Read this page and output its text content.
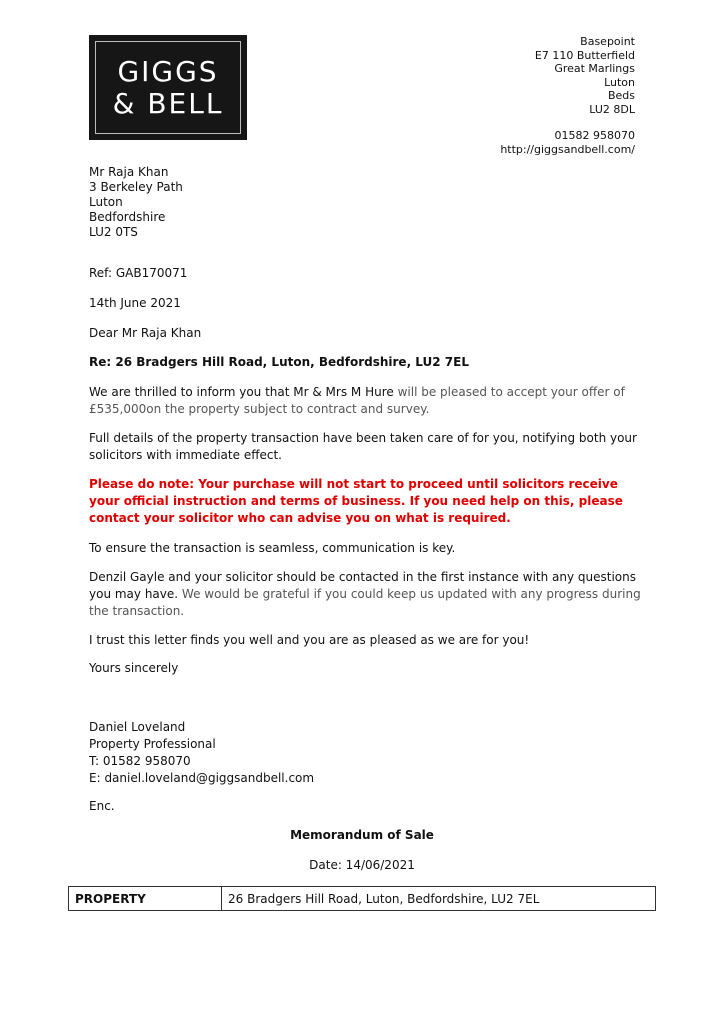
GIGGS
& BELL
Basepoint
E7 110 Butterfield
Great Marlings
Luton
Beds
LU2 8DL
01582 958070
http://giggsandbell.com/
Mr Raja Khan
3 Berkeley Path
Luton
Bedfordshire
LU2 0TS
Ref: GAB170071
14th June 2021
Dear Mr Raja Khan
Re: 26 Bradgers Hill Road, Luton, Bedfordshire, LU2 7EL
We are thrilled to inform you that Mr & Mrs M Hure will be pleased to accept your offer of £535,000on the property subject to contract and survey.
Full details of the property transaction have been taken care of for you, notifying both your solicitors with immediate effect.
Please do note: Your purchase will not start to proceed until solicitors receive your official instruction and terms of business. If you need help on this, please contact your solicitor who can advise you on what is required.
To ensure the transaction is seamless, communication is key.
Denzil Gayle and your solicitor should be contacted in the first instance with any questions you may have. We would be grateful if you could keep us updated with any progress during the transaction.
I trust this letter finds you well and you are as pleased as we are for you!
Yours sincerely
Daniel Loveland
Property Professional
T: 01582 958070
E: daniel.loveland@giggsandbell.com
Enc.
Memorandum of Sale
Date: 14/06/2021
PROPERTY	26 Bradgers Hill Road, Luton, Bedfordshire, LU2 7EL
